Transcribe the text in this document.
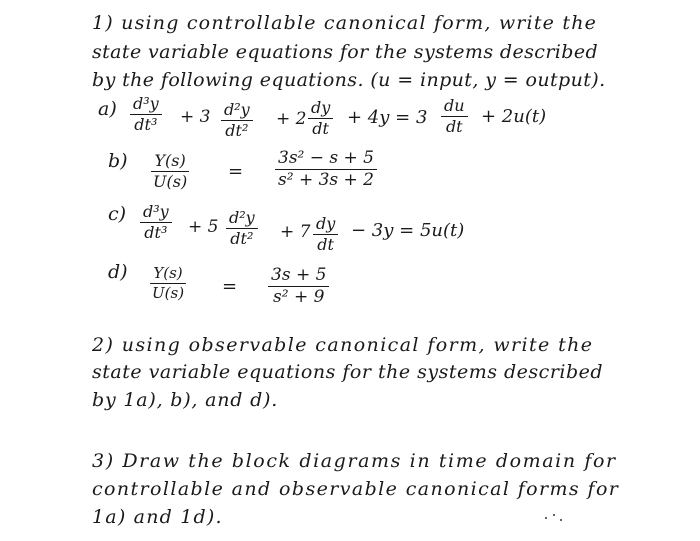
1) using controllable canonical form, write the
state variable equations for the systems described
by the following equations. (u = input, y = output).
$a) \frac{\text{d³y}}{\text{dt³}} + 3 \frac{\text{d²y}}{\text{dt²}} + 2 \frac{dy}{dt} + 4y = 3 \frac{du}{dt} + 2u(t)$
$b) \frac{Y(s)}{U(s)} = \frac{\text{3s² − s + 5}}{\text{s² + 3s + 2}}$
$c) \frac{\text{d³y}}{\text{dt³}} + 5 \frac{\text{d²y}}{\text{dt²}} + 7 \frac{dy}{dt} - 3y = 5u(t)$
$d) \frac{Y(s)}{U(s)} = \frac{3s + 5}{\text{s² + 9}}$
2) using observable canonical form, write the
state variable equations for the systems described
by 1a), b), and d).
3) Draw the block diagrams in time domain for
controllable and observable canonical forms for
1a) and 1d).
